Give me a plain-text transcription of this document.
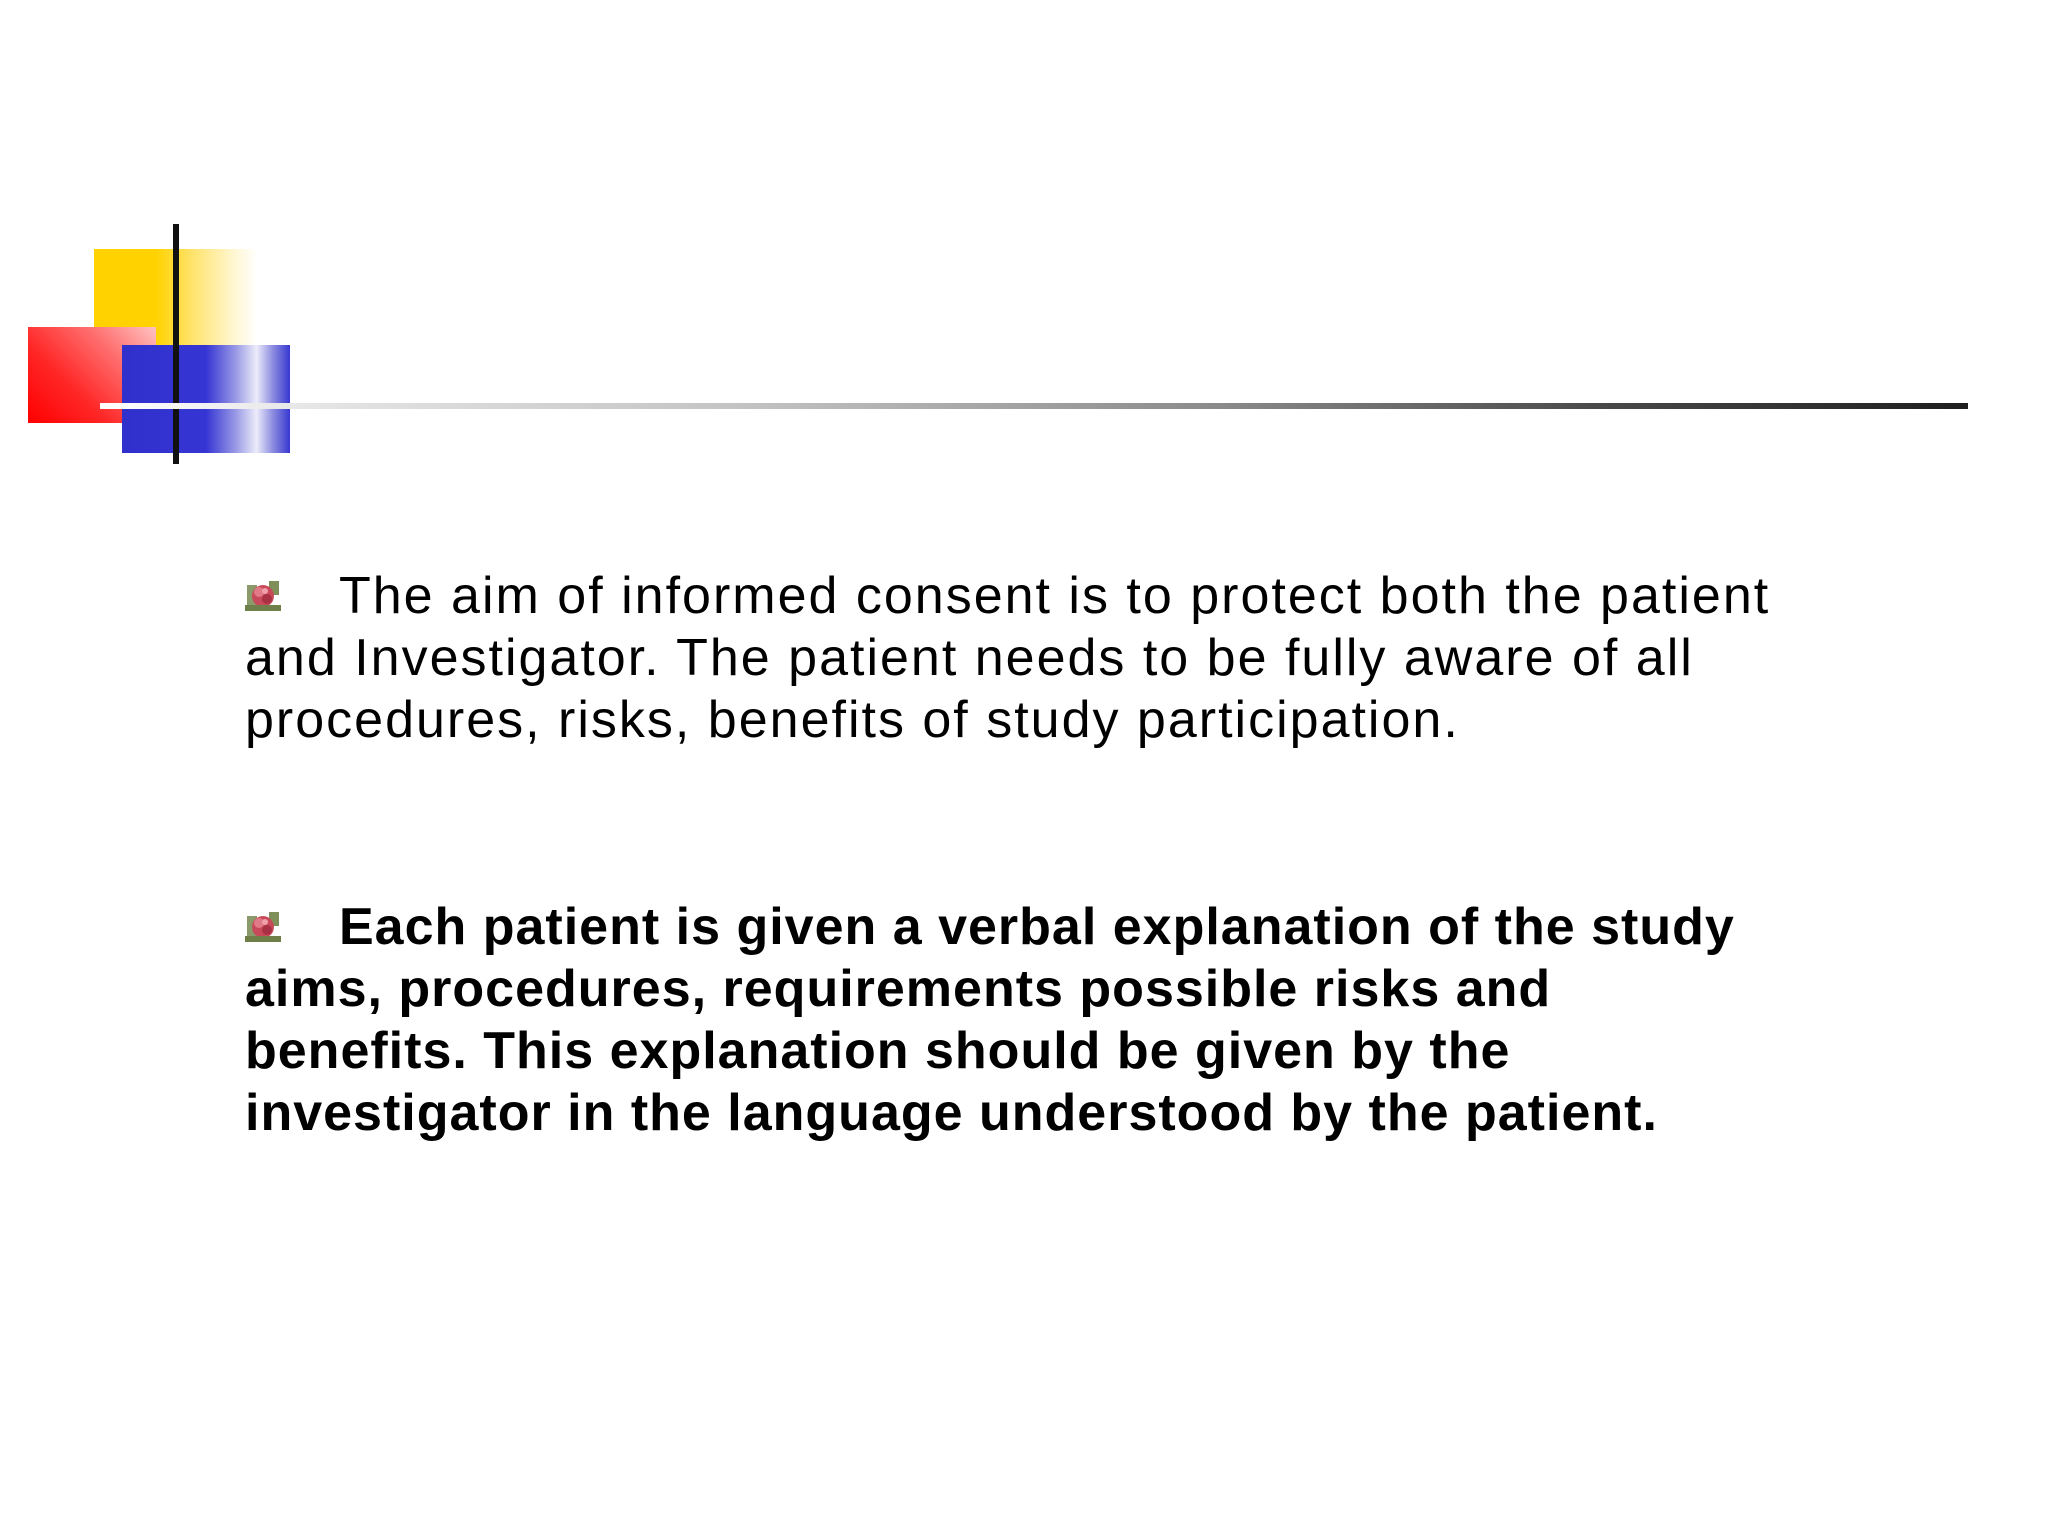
The aim of informed consent is to protect both the patient and Investigator. The patient needs to be fully aware of all procedures, risks, benefits of study participation.

Each patient is given a verbal explanation of the study aims, procedures, requirements possible risks and benefits. This explanation should be given by the investigator in the language understood by the patient.
